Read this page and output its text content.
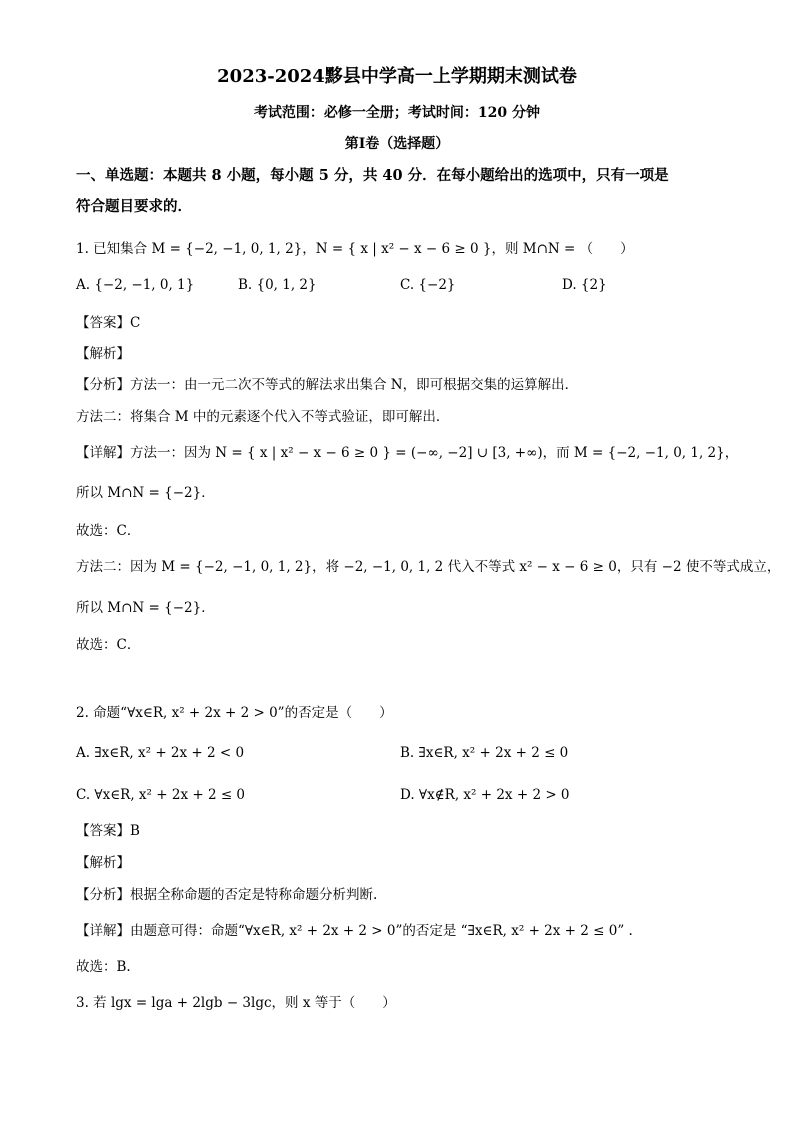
2023-2024黟县中学高一上学期期末测试卷
考试范围：必修一全册；考试时间：120 分钟
第Ⅰ卷（选择题）
一、单选题：本题共 8 小题，每小题 5 分，共 40 分．在每小题给出的选项中，只有一项是
符合题目要求的．
1. 已知集合 M = {−2, −1, 0, 1, 2}，N = { x | x² − x − 6 ≥ 0 }，则 M∩N = （　　）
A. {−2, −1, 0, 1}	B. {0, 1, 2}	C. {−2}	D. {2}
【答案】C
【解析】
【分析】方法一：由一元二次不等式的解法求出集合 N，即可根据交集的运算解出．
方法二：将集合 M 中的元素逐个代入不等式验证，即可解出．
【详解】方法一：因为 N = { x | x² − x − 6 ≥ 0 } = (−∞, −2] ∪ [3, +∞)，而 M = {−2, −1, 0, 1, 2}，
所以 M∩N = {−2}．
故选：C．
方法二：因为 M = {−2, −1, 0, 1, 2}，将 −2, −1, 0, 1, 2 代入不等式 x² − x − 6 ≥ 0，只有 −2 使不等式成立，
所以 M∩N = {−2}．
故选：C．
2. 命题“∀x∈R, x² + 2x + 2 > 0”的否定是（　　）
A. ∃x∈R, x² + 2x + 2 < 0	B. ∃x∈R, x² + 2x + 2 ≤ 0
C. ∀x∈R, x² + 2x + 2 ≤ 0	D. ∀x∉R, x² + 2x + 2 > 0
【答案】B
【解析】
【分析】根据全称命题的否定是特称命题分析判断.
【详解】由题意可得：命题“∀x∈R, x² + 2x + 2 > 0”的否定是 “∃x∈R, x² + 2x + 2 ≤ 0” .
故选：B.
3. 若 lgx = lga + 2lgb − 3lgc，则 x 等于（　　）
